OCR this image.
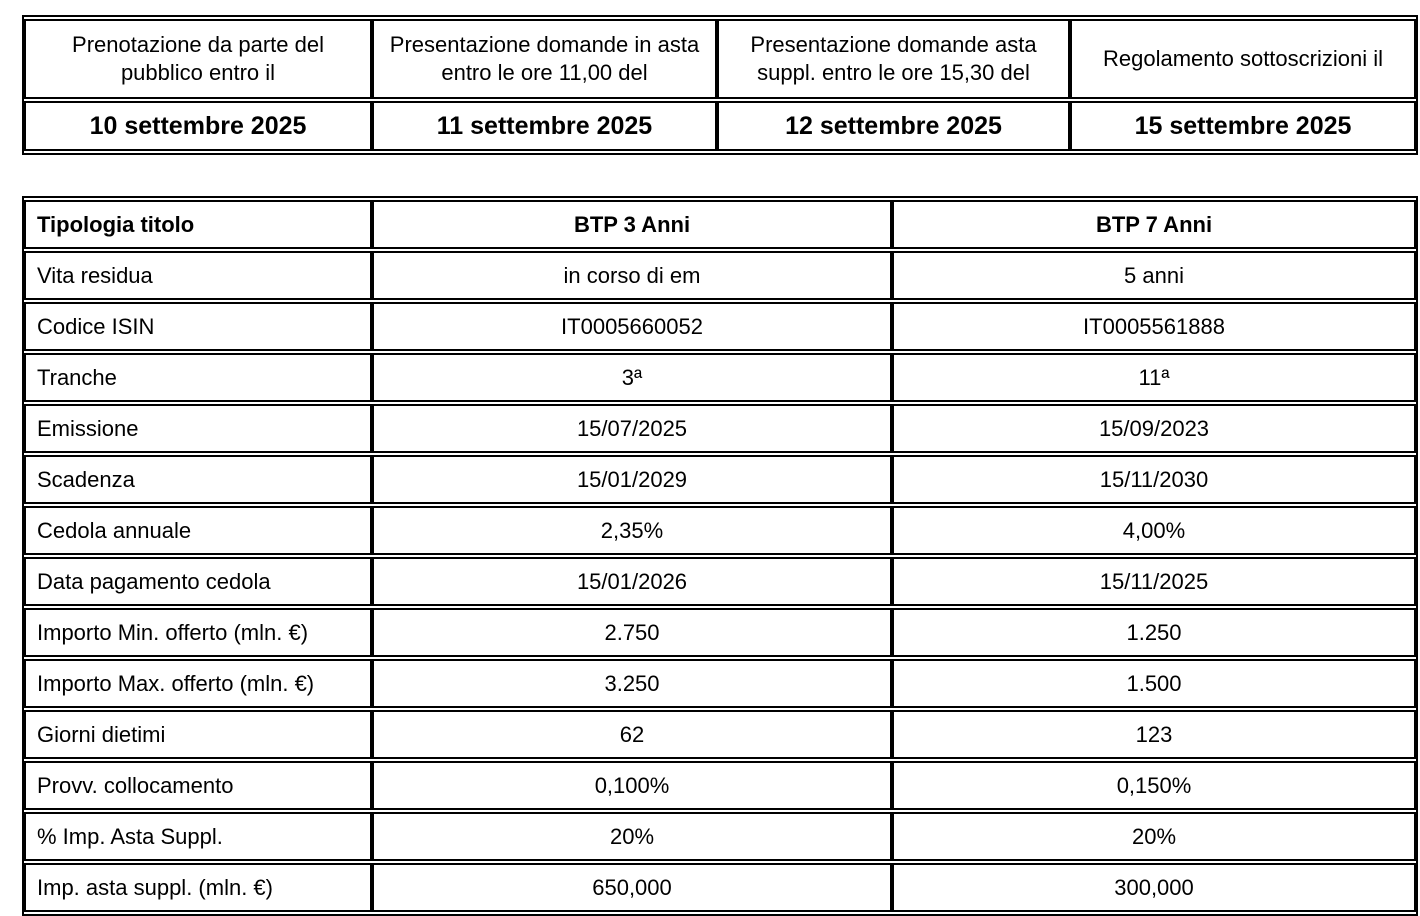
Prenotazione da parte del pubblico entro il	Presentazione domande in asta entro le ore 11,00 del	Presentazione domande asta suppl. entro le ore 15,30 del	Regolamento sottoscrizioni il
10 settembre 2025	11 settembre 2025	12 settembre 2025	15 settembre 2025
Tipologia titolo	BTP 3 Anni	BTP 7 Anni
Vita residua	in corso di em	5 anni
Codice ISIN	IT0005660052	IT0005561888
Tranche	3ª	11ª
Emissione	15/07/2025	15/09/2023
Scadenza	15/01/2029	15/11/2030
Cedola annuale	2,35%	4,00%
Data pagamento cedola	15/01/2026	15/11/2025
Importo Min. offerto (mln. €)	2.750	1.250
Importo Max. offerto (mln. €)	3.250	1.500
Giorni dietimi	62	123
Provv. collocamento	0,100%	0,150%
% Imp. Asta Suppl.	20%	20%
Imp. asta suppl. (mln. €)	650,000	300,000
